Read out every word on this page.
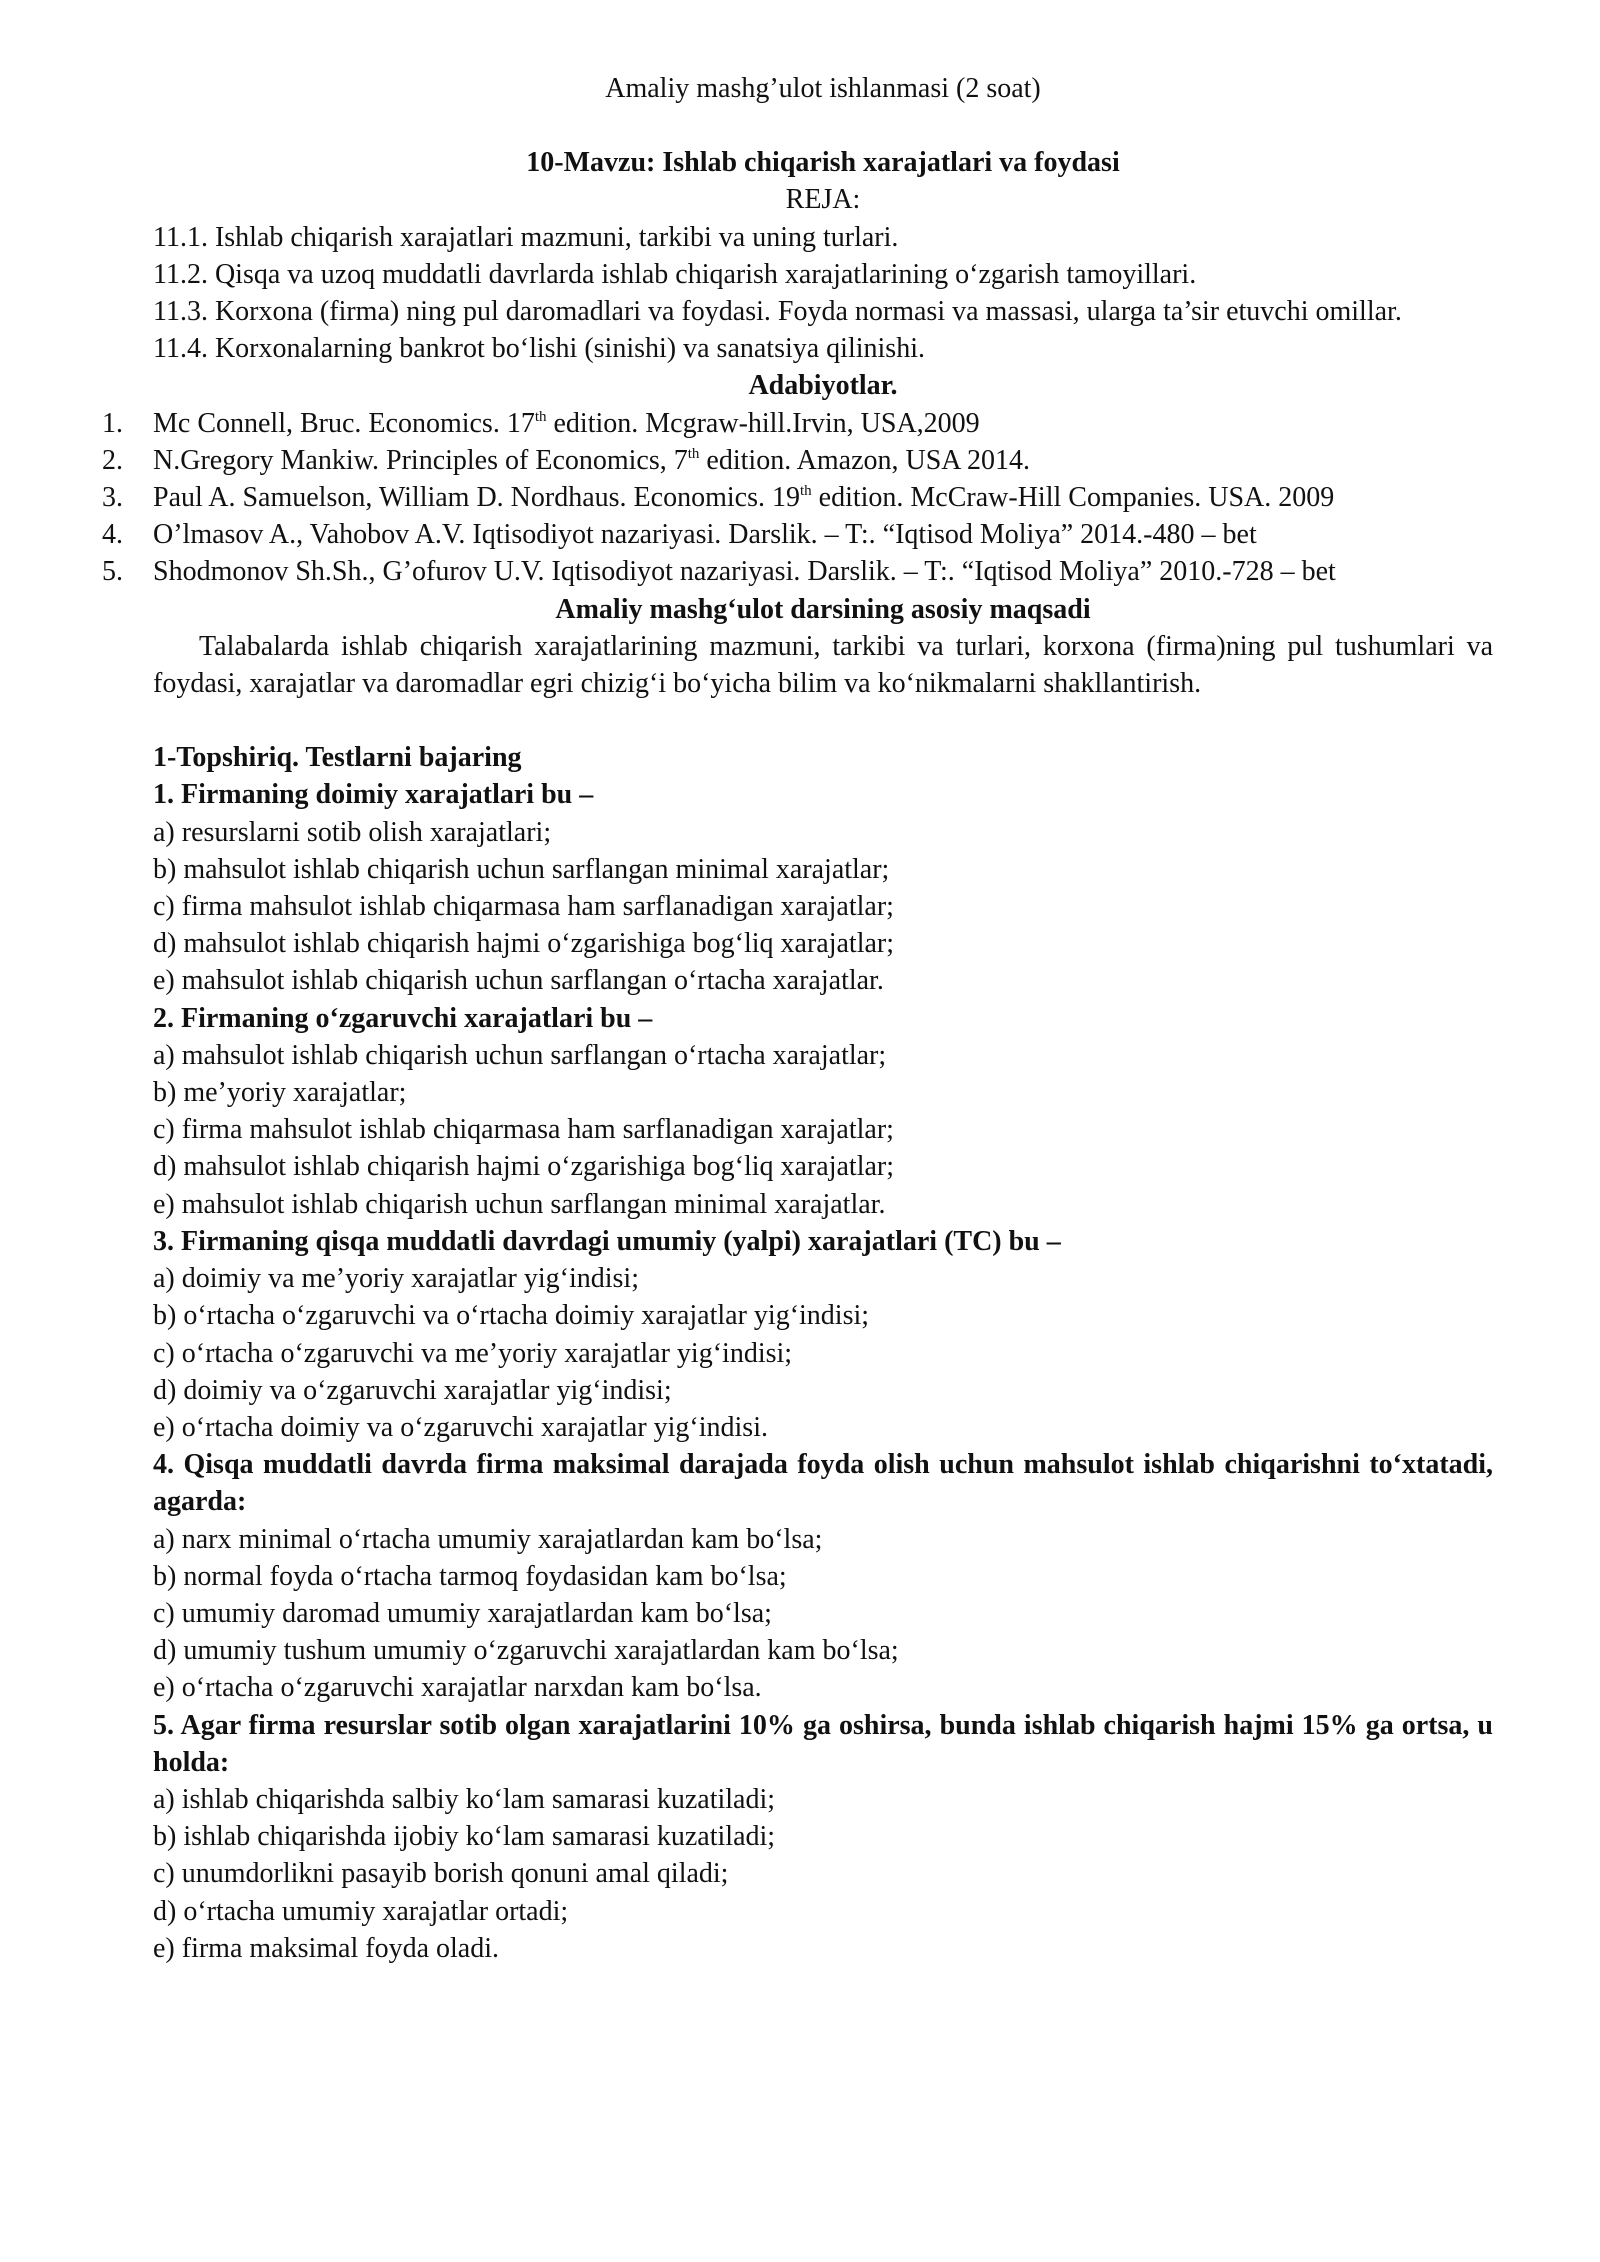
Amaliy mashg’ulot ishlanmasi (2 soat)

10-Mavzu: Ishlab chiqarish xarajatlari va foydasi

REJA:

11.1. Ishlab chiqarish xarajatlari mazmuni, tarkibi va uning turlari.

11.2. Qisqa va uzoq muddatli davrlarda ishlab chiqarish xarajatlarining o‘zgarish tamoyillari.

11.3. Korxona (firma) ning pul daromadlari va foydasi. Foyda normasi va massasi, ularga ta’sir etuvchi omillar.

11.4. Korxonalarning bankrot bo‘lishi (sinishi) va sanatsiya qilinishi.

Adabiyotlar.

1. Mc Connell, Bruc. Economics. 17th edition. Mcgraw-hill.Irvin, USA,2009
2. N.Gregory Mankiw. Principles of Economics, 7th edition. Amazon, USA 2014.
3. Paul A. Samuelson, William D. Nordhaus. Economics. 19th edition. McCraw-Hill Companies. USA. 2009
4. O’lmasov A., Vahobov A.V. Iqtisodiyot nazariyasi. Darslik. – T:. “Iqtisod Moliya” 2014.-480 – bet
5. Shodmonov Sh.Sh., G’ofurov U.V. Iqtisodiyot nazariyasi. Darslik. – T:. “Iqtisod Moliya” 2010.-728 – bet

Amaliy mashg‘ulot darsining asosiy maqsadi

Talabalarda ishlab chiqarish xarajatlarining mazmuni, tarkibi va turlari, korxona (firma)ning pul tushumlari va foydasi, xarajatlar va daromadlar egri chizig‘i bo‘yicha bilim va ko‘nikmalarni shakllantirish.

1-Topshiriq. Testlarni bajaring

1. Firmaning doimiy xarajatlari bu –

a) resurslarni sotib olish xarajatlari;

b) mahsulot ishlab chiqarish uchun sarflangan minimal xarajatlar;

c) firma mahsulot ishlab chiqarmasa ham sarflanadigan xarajatlar;

d) mahsulot ishlab chiqarish hajmi o‘zgarishiga bog‘liq xarajatlar;

e) mahsulot ishlab chiqarish uchun sarflangan o‘rtacha xarajatlar.

2. Firmaning o‘zgaruvchi xarajatlari bu –

a) mahsulot ishlab chiqarish uchun sarflangan o‘rtacha xarajatlar;

b) me’yoriy xarajatlar;

c) firma mahsulot ishlab chiqarmasa ham sarflanadigan xarajatlar;

d) mahsulot ishlab chiqarish hajmi o‘zgarishiga bog‘liq xarajatlar;

e) mahsulot ishlab chiqarish uchun sarflangan minimal xarajatlar.

3. Firmaning qisqa muddatli davrdagi umumiy (yalpi) xarajatlari (TC) bu –

a) doimiy va me’yoriy xarajatlar yig‘indisi;

b) o‘rtacha o‘zgaruvchi va o‘rtacha doimiy xarajatlar yig‘indisi;

c) o‘rtacha o‘zgaruvchi va me’yoriy xarajatlar yig‘indisi;

d) doimiy va o‘zgaruvchi xarajatlar yig‘indisi;

e) o‘rtacha doimiy va o‘zgaruvchi xarajatlar yig‘indisi.

4. Qisqa muddatli davrda firma maksimal darajada foyda olish uchun mahsulot ishlab chiqarishni to‘xtatadi, agarda:

a) narx minimal o‘rtacha umumiy xarajatlardan kam bo‘lsa;

b) normal foyda o‘rtacha tarmoq foydasidan kam bo‘lsa;

c) umumiy daromad umumiy xarajatlardan kam bo‘lsa;

d) umumiy tushum umumiy o‘zgaruvchi xarajatlardan kam bo‘lsa;

e) o‘rtacha o‘zgaruvchi xarajatlar narxdan kam bo‘lsa.

5. Agar firma resurslar sotib olgan xarajatlarini 10% ga oshirsa, bunda ishlab chiqarish hajmi 15% ga ortsa, u holda:

a) ishlab chiqarishda salbiy ko‘lam samarasi kuzatiladi;

b) ishlab chiqarishda ijobiy ko‘lam samarasi kuzatiladi;

c) unumdorlikni pasayib borish qonuni amal qiladi;

d) o‘rtacha umumiy xarajatlar ortadi;

e) firma maksimal foyda oladi.
